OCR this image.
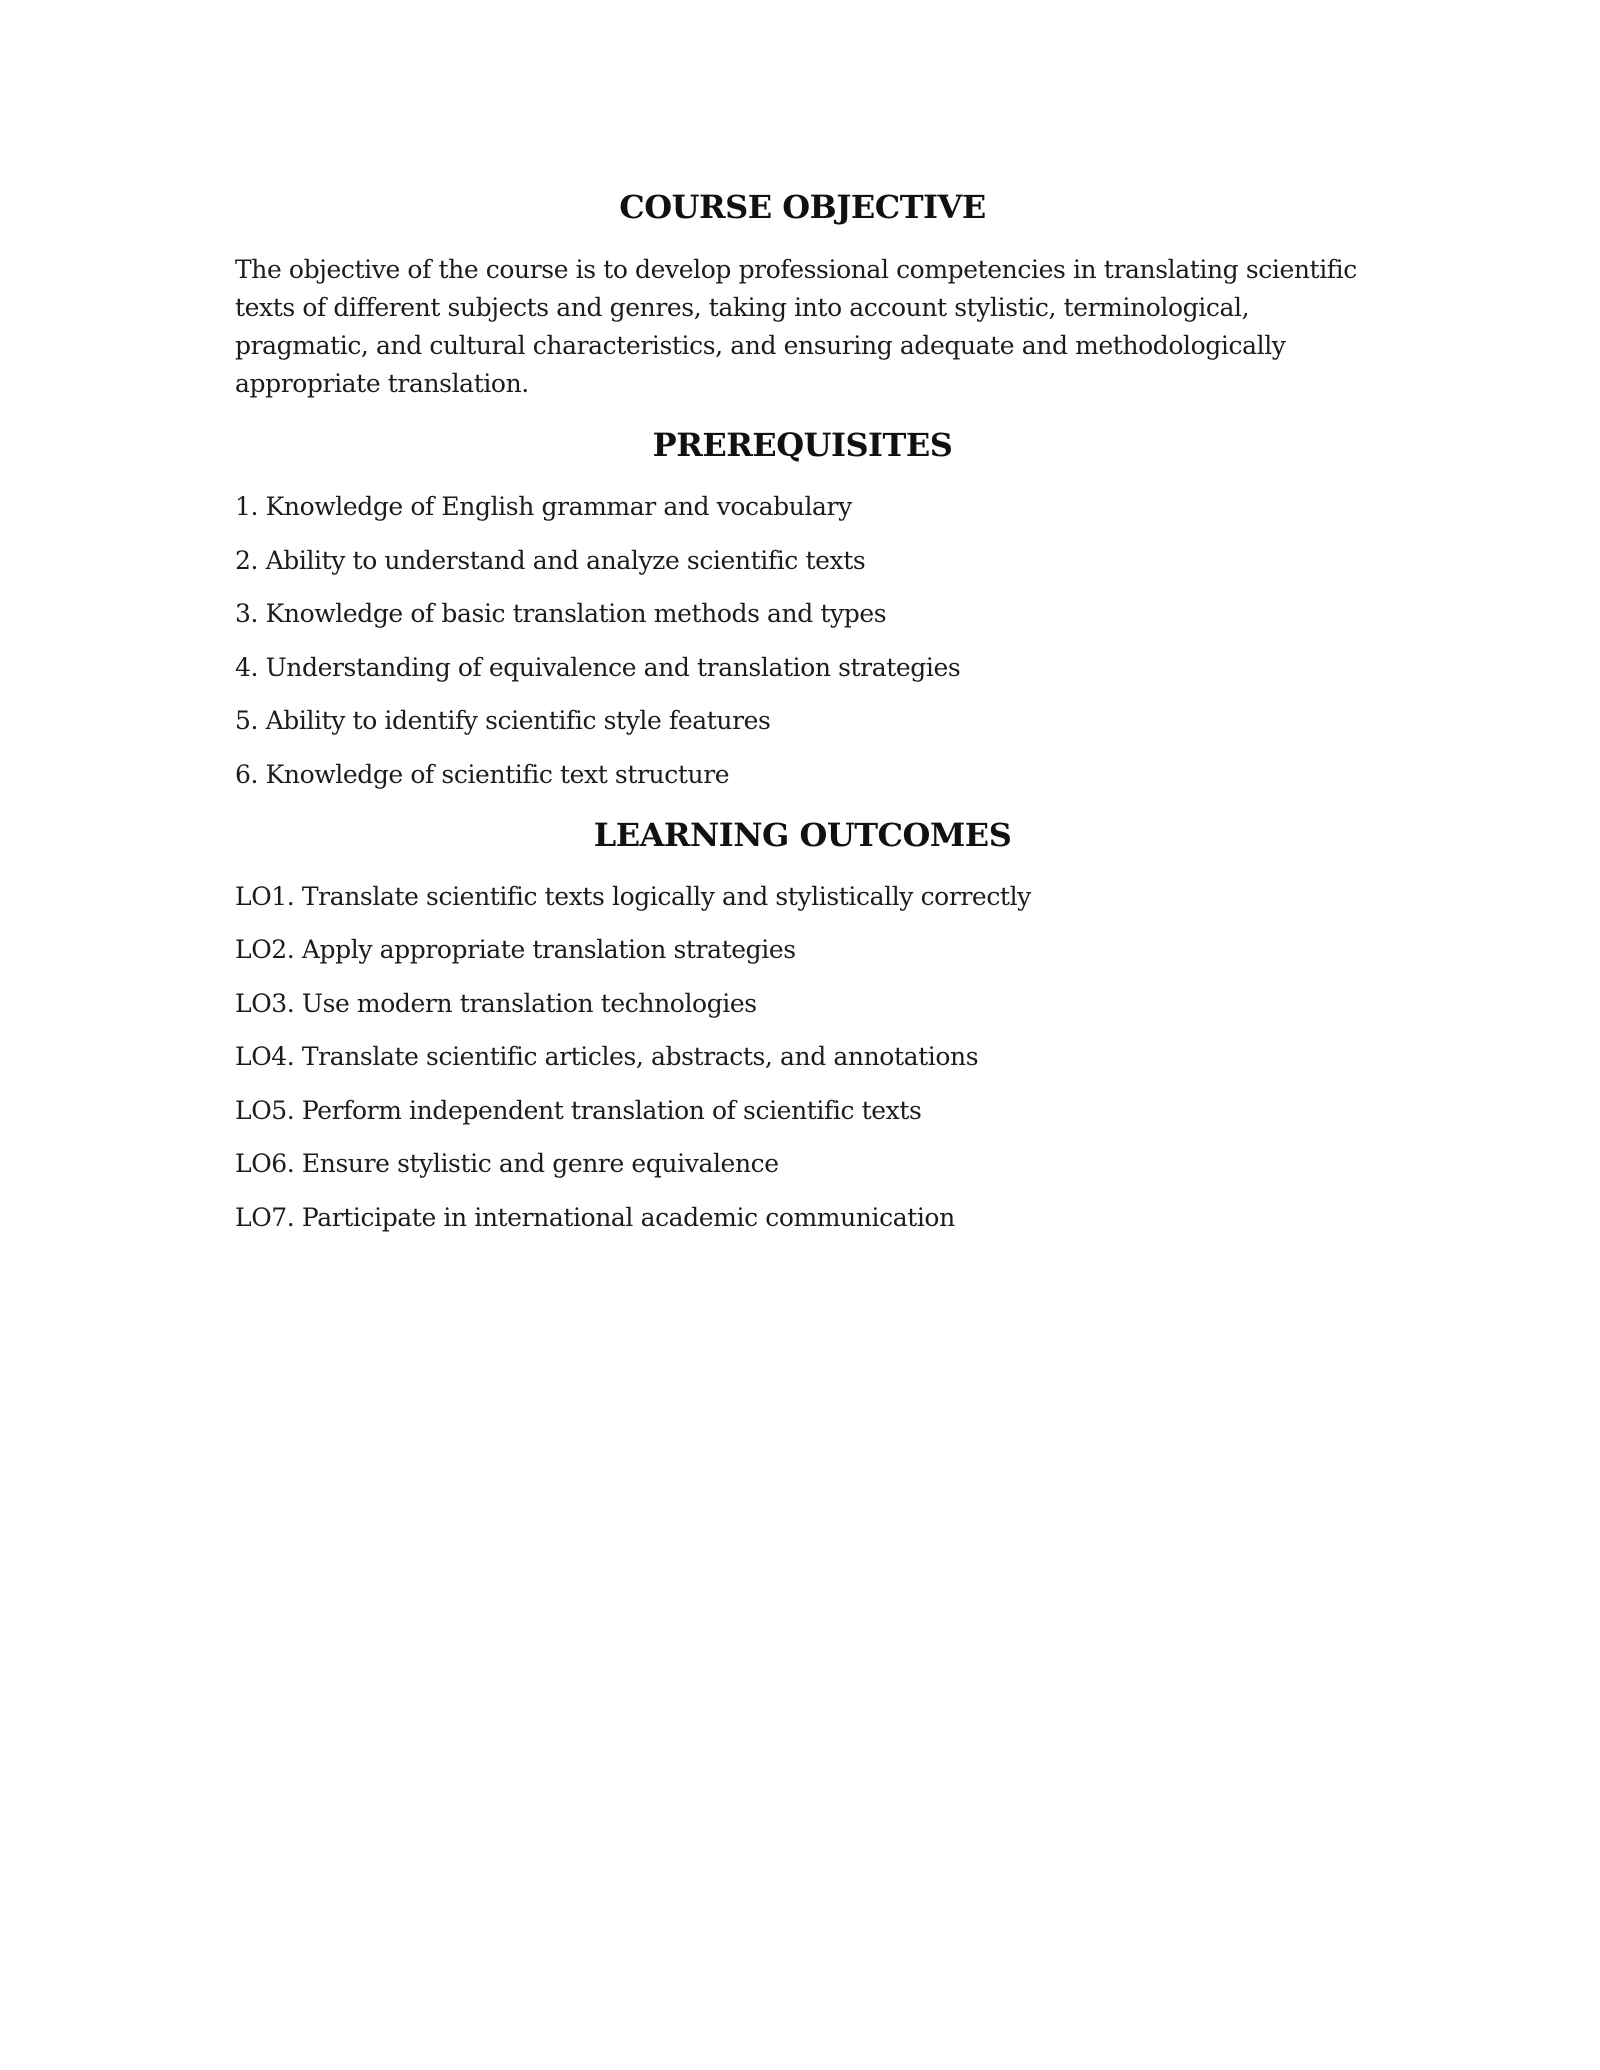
COURSE OBJECTIVE

The objective of the course is to develop professional competencies in translating scientific texts of different subjects and genres, taking into account stylistic, terminological, pragmatic, and cultural characteristics, and ensuring adequate and methodologically appropriate translation.

PREREQUISITES
1. Knowledge of English grammar and vocabulary
2. Ability to understand and analyze scientific texts
3. Knowledge of basic translation methods and types
4. Understanding of equivalence and translation strategies
5. Ability to identify scientific style features
6. Knowledge of scientific text structure
LEARNING OUTCOMES
LO1. Translate scientific texts logically and stylistically correctly
LO2. Apply appropriate translation strategies
LO3. Use modern translation technologies
LO4. Translate scientific articles, abstracts, and annotations
LO5. Perform independent translation of scientific texts
LO6. Ensure stylistic and genre equivalence
LO7. Participate in international academic communication
